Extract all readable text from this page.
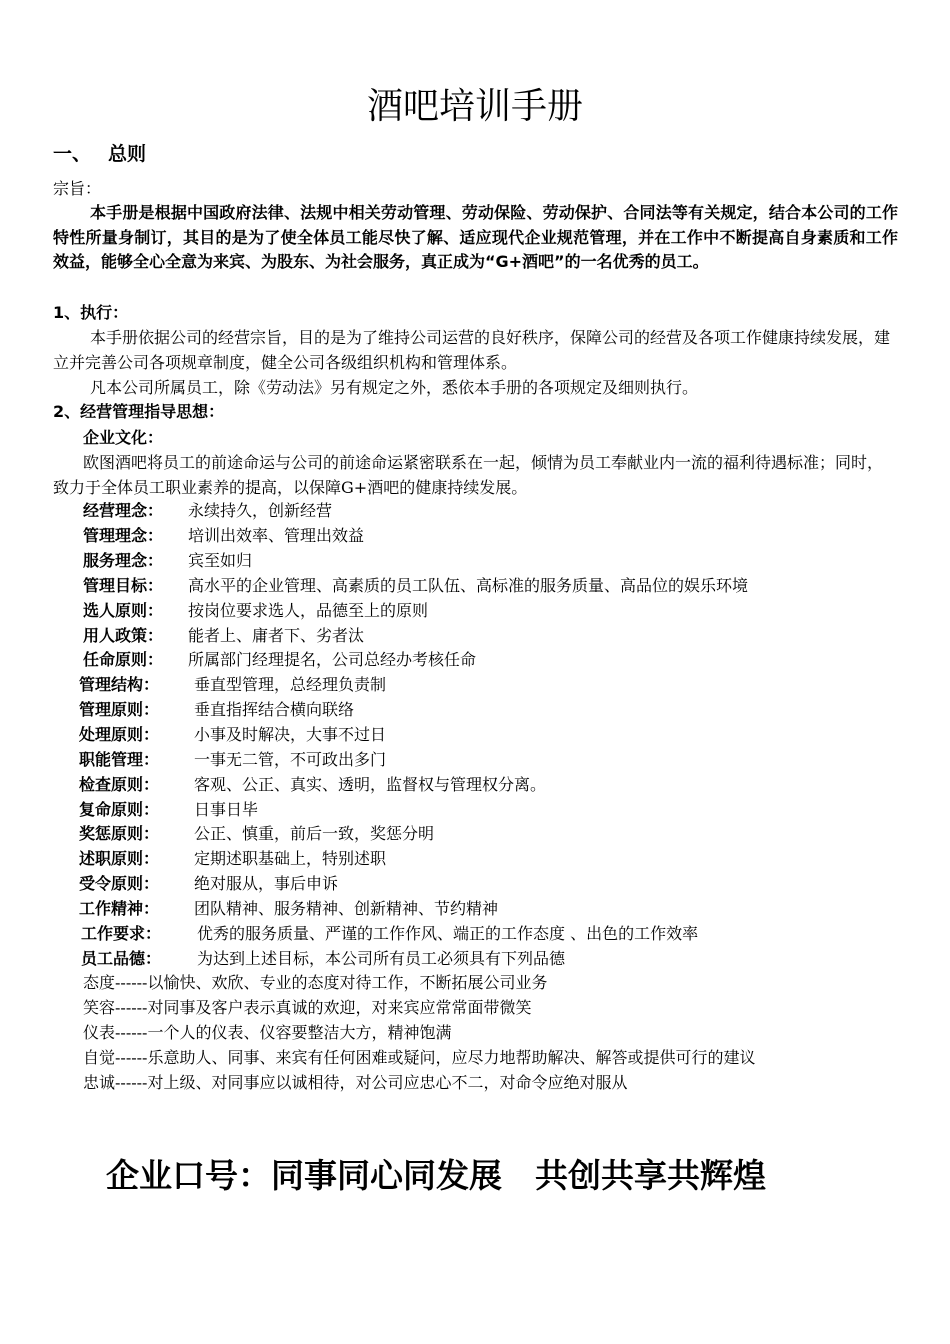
酒吧培训手册
一、 总则
宗旨：
本手册是根据中国政府法律、法规中相关劳动管理、劳动保险、劳动保护、合同法等有关规定，结合本公司的工作特性所量身制订，其目的是为了使全体员工能尽快了解、适应现代企业规范管理，并在工作中不断提高自身素质和工作效益，能够全心全意为来宾、为股东、为社会服务，真正成为“G+酒吧”的一名优秀的员工。
1、执行：
本手册依据公司的经营宗旨，目的是为了维持公司运营的良好秩序，保障公司的经营及各项工作健康持续发展，建立并完善公司各项规章制度，健全公司各级组织机构和管理体系。
凡本公司所属员工，除《劳动法》另有规定之外，悉依本手册的各项规定及细则执行。
2、经营管理指导思想：
企业文化：
欧图酒吧将员工的前途命运与公司的前途命运紧密联系在一起，倾情为员工奉献业内一流的福利待遇标准；同时，致力于全体员工职业素养的提高，以保障G+酒吧的健康持续发展。
经营理念： 永续持久，创新经营
管理理念： 培训出效率、管理出效益
服务理念： 宾至如归
管理目标： 高水平的企业管理、高素质的员工队伍、高标准的服务质量、高品位的娱乐环境
选人原则： 按岗位要求选人，品德至上的原则
用人政策： 能者上、庸者下、劣者汰
任命原则： 所属部门经理提名，公司总经办考核任命
管理结构： 垂直型管理，总经理负责制
管理原则： 垂直指挥结合横向联络
处理原则： 小事及时解决，大事不过日
职能管理： 一事无二管，不可政出多门
检查原则： 客观、公正、真实、透明，监督权与管理权分离。
复命原则： 日事日毕
奖惩原则： 公正、慎重，前后一致，奖惩分明
述职原则： 定期述职基础上，特别述职
受令原则： 绝对服从，事后申诉
工作精神： 团队精神、服务精神、创新精神、节约精神
工作要求： 优秀的服务质量、严谨的工作作风、端正的工作态度 、出色的工作效率
员工品德： 为达到上述目标，本公司所有员工必须具有下列品德
态度------以愉快、欢欣、专业的态度对待工作，不断拓展公司业务
笑容------对同事及客户表示真诚的欢迎，对来宾应常常面带微笑
仪表------一个人的仪表、仪容要整洁大方，精神饱满
自觉------乐意助人、同事、来宾有任何困难或疑问，应尽力地帮助解决、解答或提供可行的建议
忠诚------对上级、对同事应以诚相待，对公司应忠心不二，对命令应绝对服从
企业口号：同事同心同发展　共创共享共辉煌
